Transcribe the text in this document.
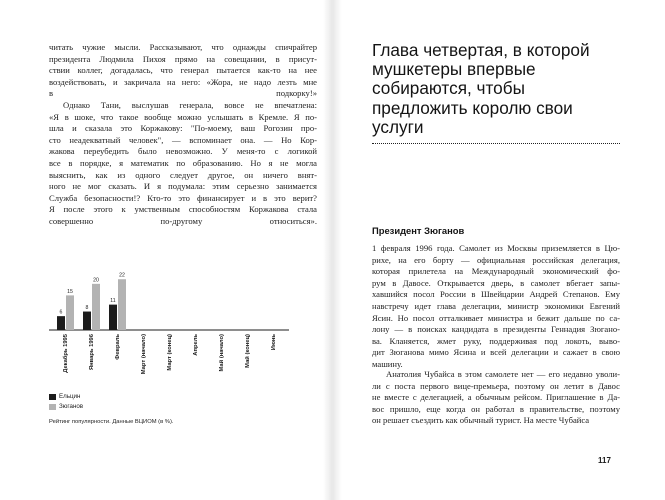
читать чужие мысли. Рассказывают, что однажды спичрайтер
президента Людмила Пихоя прямо на совещании, в присут-
ствии коллег, догадалась, что генерал пытается как-то на нее
воздействовать, и закричала на него: «Жора, не надо лезть мне
в подкорку!»
Однако Тани, выслушав генерала, вовсе не впечатлена:
«Я в шоке, что такое вообще можно услышать в Кремле. Я по-
шла и сказала это Коржакову: "По-моему, ваш Рогозин про-
сто неадекватный человек", — вспоминает она. — Но Кор-
жакова переубедить было невозможно. У меня-то с логикой
все в порядке, я математик по образованию. Но я не могла
выяснить, как из одного следует другое, он ничего внят-
ного не мог сказать. И я подумала: этим серьезно занимается
Служба безопасности!? Кто-то это финансирует и в это верит?
Я после этого к умственным способностям Коржакова стала
совершенно по-другому относиться».

6
15
Декабрь 1995
8
20
Январь 1996
11
22
Февраль	Март (начало)	Март (конец)	Апрель	Май (начало)	Май (конец)	Июнь
Ельцин
Зюганов
Рейтинг популярности. Данные ВЦИОМ (в %).
Глава четвертая, в которой
мушкетеры впервые
собираются, чтобы
предложить королю свои
услуги
Президент Зюганов

1 февраля 1996 года. Самолет из Москвы приземляется в Цю-
рихе, на его борту — официальная российская делегация,
которая прилетела на Международный экономический фо-
рум в Давосе. Открывается дверь, в самолет вбегает запы-
хавшийся посол России в Швейцарии Андрей Степанов. Ему
навстречу идет глава делегации, министр экономики Евгений
Ясин. Но посол отталкивает министра и бежит дальше по са-
лону — в поисках кандидата в президенты Геннадия Зюгано-
ва. Кланяется, жмет руку, поддерживая под локоть, выво-
дит Зюганова мимо Ясина и всей делегации и сажает в свою
машину.

Анатолия Чубайса в этом самолете нет — его недавно уволи-
ли с поста первого вице-премьера, поэтому он летит в Давос
не вместе с делегацией, а обычным рейсом. Приглашение в Да-
вос пришло, еще когда он работал в правительстве, поэтому
он решает съездить как обычный турист. На месте Чубайса

117
